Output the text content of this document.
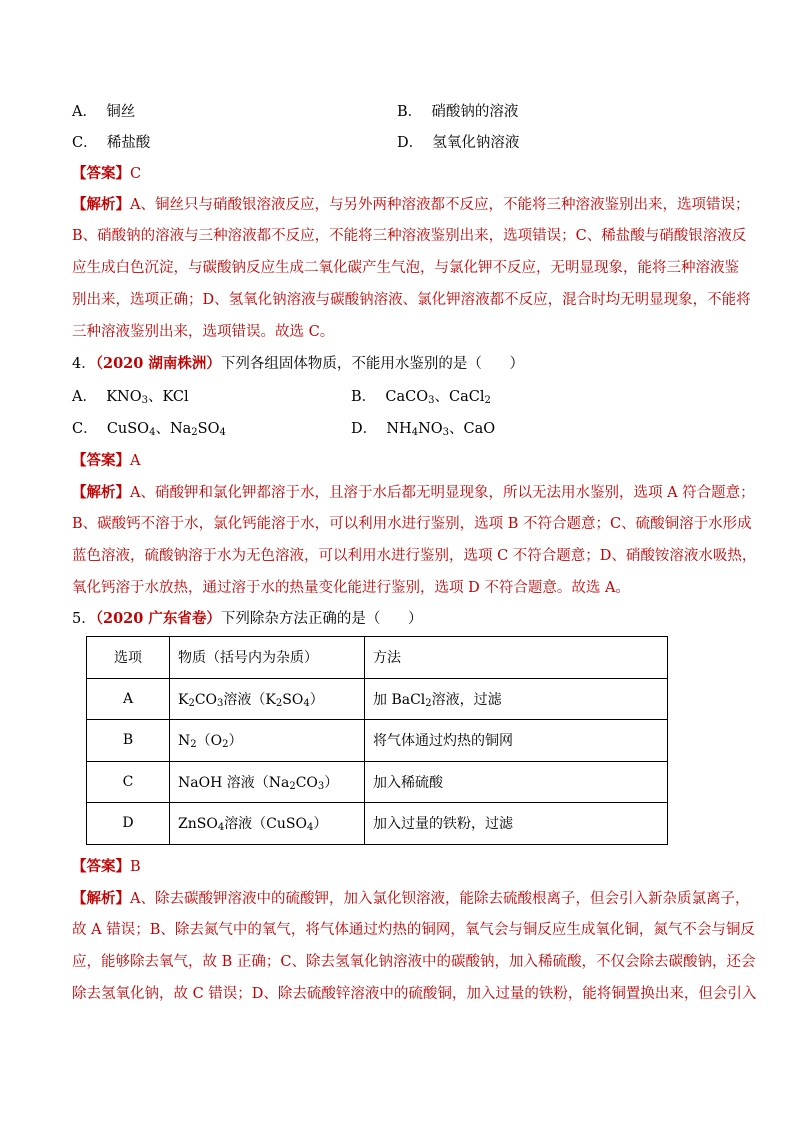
A．  铜丝	B．  硝酸钠的溶液
C．  稀盐酸	D．  氢氧化钠溶液
【答案】C
【解析】A、铜丝只与硝酸银溶液反应，与另外两种溶液都不反应，不能将三种溶液鉴别出来，选项错误；
B、硝酸钠的溶液与三种溶液都不反应，不能将三种溶液鉴别出来，选项错误；C、稀盐酸与硝酸银溶液反
应生成白色沉淀，与碳酸钠反应生成二氧化碳产生气泡，与氯化钾不反应，无明显现象，能将三种溶液鉴
别出来，选项正确；D、氢氧化钠溶液与碳酸钠溶液、氯化钾溶液都不反应，混合时均无明显现象，不能将
三种溶液鉴别出来，选项错误。故选 C。
4．（2020 湖南株洲）下列各组固体物质，不能用水鉴别的是（      ）
A．  $KNO_3$、KCl	B．  CaCO$_3$、CaCl$_2$
C．  CuSO$_4$、$Na_2SO_4$	D．  $NH_4NO_3$、CaO
【答案】A
【解析】A、硝酸钾和氯化钾都溶于水，且溶于水后都无明显现象，所以无法用水鉴别，选项 A 符合题意；
B、碳酸钙不溶于水，氯化钙能溶于水，可以利用水进行鉴别，选项 B 不符合题意；C、硫酸铜溶于水形成
蓝色溶液，硫酸钠溶于水为无色溶液，可以利用水进行鉴别，选项 C 不符合题意；D、硝酸铵溶液水吸热，
氧化钙溶于水放热，通过溶于水的热量变化能进行鉴别，选项 D 不符合题意。故选 A。
5．（2020 广东省卷）下列除杂方法正确的是（      ）
选项	物质（括号内为杂质）	方法
A	$K_2CO_3$溶液$(K_2SO_4)$	加 BaCl$_2$溶液，过滤
B	$N_2(O_2)$	将气体通过灼热的铜网
C	NaOH 溶液$(Na_2CO_3)$	加入稀硫酸
D	ZnSO$_4$溶液（CuSO$_4$）	加入过量的铁粉，过滤
【答案】B
【解析】A、除去碳酸钾溶液中的硫酸钾，加入氯化钡溶液，能除去硫酸根离子，但会引入新杂质氯离子，
故 A 错误；B、除去氮气中的氧气，将气体通过灼热的铜网，氧气会与铜反应生成氧化铜，氮气不会与铜反
应，能够除去氧气，故 B 正确；C、除去氢氧化钠溶液中的碳酸钠，加入稀硫酸，不仅会除去碳酸钠，还会
除去氢氧化钠，故 C 错误；D、除去硫酸锌溶液中的硫酸铜，加入过量的铁粉，能将铜置换出来，但会引入
